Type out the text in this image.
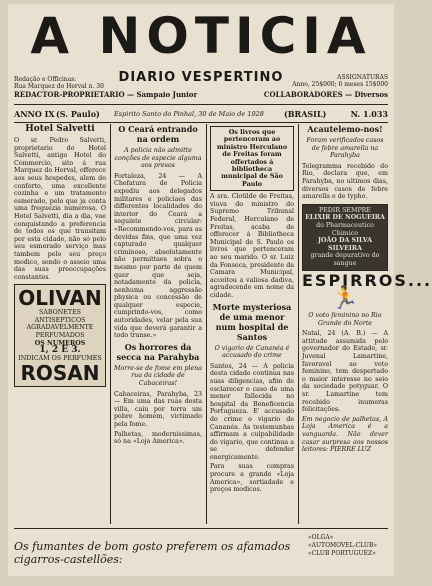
A NOTICIA
Redação e Officinas:
Rua Marquez do Herval n. 30
ASSIGNATURAS
Anno, 25$000; 6 meses 15$000
DIARIO VESPERTINO
REDACTOR-PROPRIETARIO — Sampaio Junior	COLLABORADORES — Diversos
ANNO IX (S. Paulo) Espirito Santo do Pinhal, 30 de Maio de 1928	(BRASIL)	N. 1.033
Hotel Salvetti
O sr. Pedro Salvetti, proprietario do Hotel Salvetti, antigo Hotel do Commercio, sito á rua Marquez do Herval, offerece aos seus hospedes, alem do conforto, uma excellente cozinha e um tratamento esmerado, pelo que ja conta uma freguezia numerosa. O Hotel Salvetti, dia a dia, vae conquistando a preferencia de todos os que transitam por esta cidade, não só pelo seu esmerado serviço mas tambem pelo seu preço modico, sendo o asseio uma das suas preoccupações constantes.
OLIVAN
SABONETES
ANTISEPTICOS
AGRADAVELMENTE
PERFUMADOS
OS NUMEROS
1, 2 E 3.
INDICAM OS PERFUMES
ROSAN
O Ceará entrando na ordem
A policia não admitte conções de especie alguma aos presos
Fortaleza, 24 — A Chefatura de Policia expediu aos delegados militares e policiaes das differentes localidades do interior do Ceará a seguinte circular: «Recommendo-vos, para as devidas fins, que uma vez capturado qualquer criminoso, absolutamente não permittaes sobra o mesmo por parte de quem quer que seja, notadamente da policia, nenhuma aggressão physica ou concessão de qualquer especie, cumprindo-vos, como autoridades, velar pela sua vida que deverá garantir a todo transe.»
Os horrores da secca na Parahyba
Morre-se de fome em plena rua da cidade de Cabaceiras!
Cabaceiras, Parahyba, 23 — Em uma das ruas desta villa, caiu por terra um pobre homem, victimado pela fome.
Palhetas, modernissimas, só na «Loja America».
Os livros que pertenceram ao ministro Herculano de Freitas foram offertados á bibliotheca municipal de São Paulo
A sra. Clotilde de Freitas, viuva do ministro do Supremo Tribunal Federal, Herculano de Freitas, acaba de offerecer á Bibliotheca Municipal de S. Paulo os livros que pertenceram ao seu marido. O sr. Luiz da Fonseca, presidente da Camara Municipal, acceitou a valiosa dadiva, agradecendo em nome da cidade.
Morte mysteriosa de uma menor num hospital de Santos
O vigario de Cananéa é accusado do crime
Santos, 24 — A policia desta cidade continua nas suas diligencias, afim de esclarecer o caso de uma menor fallecida no hospital da Beneficencia Portugueza. E' accusado do crime o vigario de Cananéa. As testemunhas affirmam a culpabilidade do vigario, que continua a se defender energicamente.
Para suas compras procure a grande «Loja America», sortiadade e preços modicos.
Acautelemo-nos!
Foram verificados casos de febre amarella na Parahyba
Telegramma recebido do Rio, declara que, em Parahyba, no ultimos dias, diversos casos de febre amarella e de typho.
PEDIR SEMPRE
ELIXIR DE NOGUEIRA
do Pharmaceutico Chimico
JOÃO DA SILVA SILVEIRA
grande depurativo do sangue
ESPIRROS...
🏃
O voto feminino no Rio Grande do Norte
Natal, 24 (A. B.) — A attitude assumida pelo governador do Estado, sr. Juvenal Lamartine, favoravel ao voto feminino, tem despertado o maior interesse no seio da sociedade potyguar. O sr. Lamartine tem recebido inumeras felicitações.
Em negocio de palhetas, A Loja America é a vanguarda. Não dever casar surpresa aos nossos leitores: PIERRE LUZ
Os fumantes de bom gosto preferem os afamados cigarros-castellões:
«OLGA»
«AUTOMOVEL-CLUB»
«CLUB PORTUGUEZ»
